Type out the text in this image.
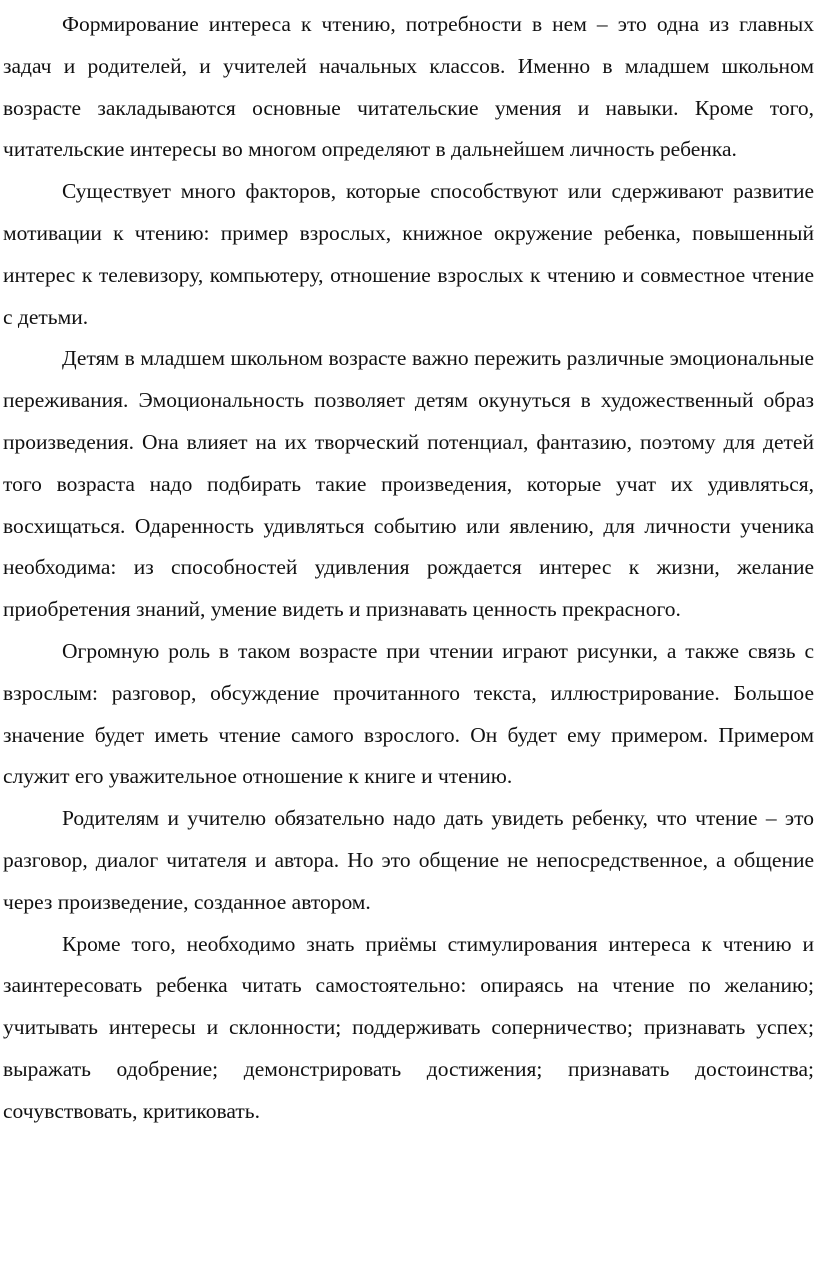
Формирование интереса к чтению, потребности в нем – это одна из главных задач и родителей, и учителей начальных классов. Именно в младшем школьном возрасте закладываются основные читательские умения и навыки. Кроме того, читательские интересы во многом определяют в дальнейшем личность ребенка.

Существует много факторов, которые способствуют или сдерживают развитие мотивации к чтению: пример взрослых, книжное окружение ребенка, повышенный интерес к телевизору, компьютеру, отношение взрослых к чтению и совместное чтение с детьми.

Детям в младшем школьном возрасте важно пережить различные эмоциональные переживания. Эмоциональность позволяет детям окунуться в художественный образ произведения. Она влияет на их творческий потенциал, фантазию, поэтому для детей того возраста надо подбирать такие произведения, которые учат их удивляться, восхищаться. Одаренность удивляться событию или явлению, для личности ученика необходима: из способностей удивления рождается интерес к жизни, желание приобретения знаний, умение видеть и признавать ценность прекрасного.

Огромную роль в таком возрасте при чтении играют рисунки, а также связь с взрослым: разговор, обсуждение прочитанного текста, иллюстрирование. Большое значение будет иметь чтение самого взрослого. Он будет ему примером. Примером служит его уважительное отношение к книге и чтению.

Родителям и учителю обязательно надо дать увидеть ребенку, что чтение – это разговор, диалог читателя и автора. Но это общение не непосредственное, а общение через произведение, созданное автором.

Кроме того, необходимо знать приёмы стимулирования интереса к чтению и заинтересовать ребенка читать самостоятельно: опираясь на чтение по желанию; учитывать интересы и склонности; поддерживать соперничество; признавать успех; выражать одобрение; демонстрировать достижения; признавать достоинства; сочувствовать, критиковать.
